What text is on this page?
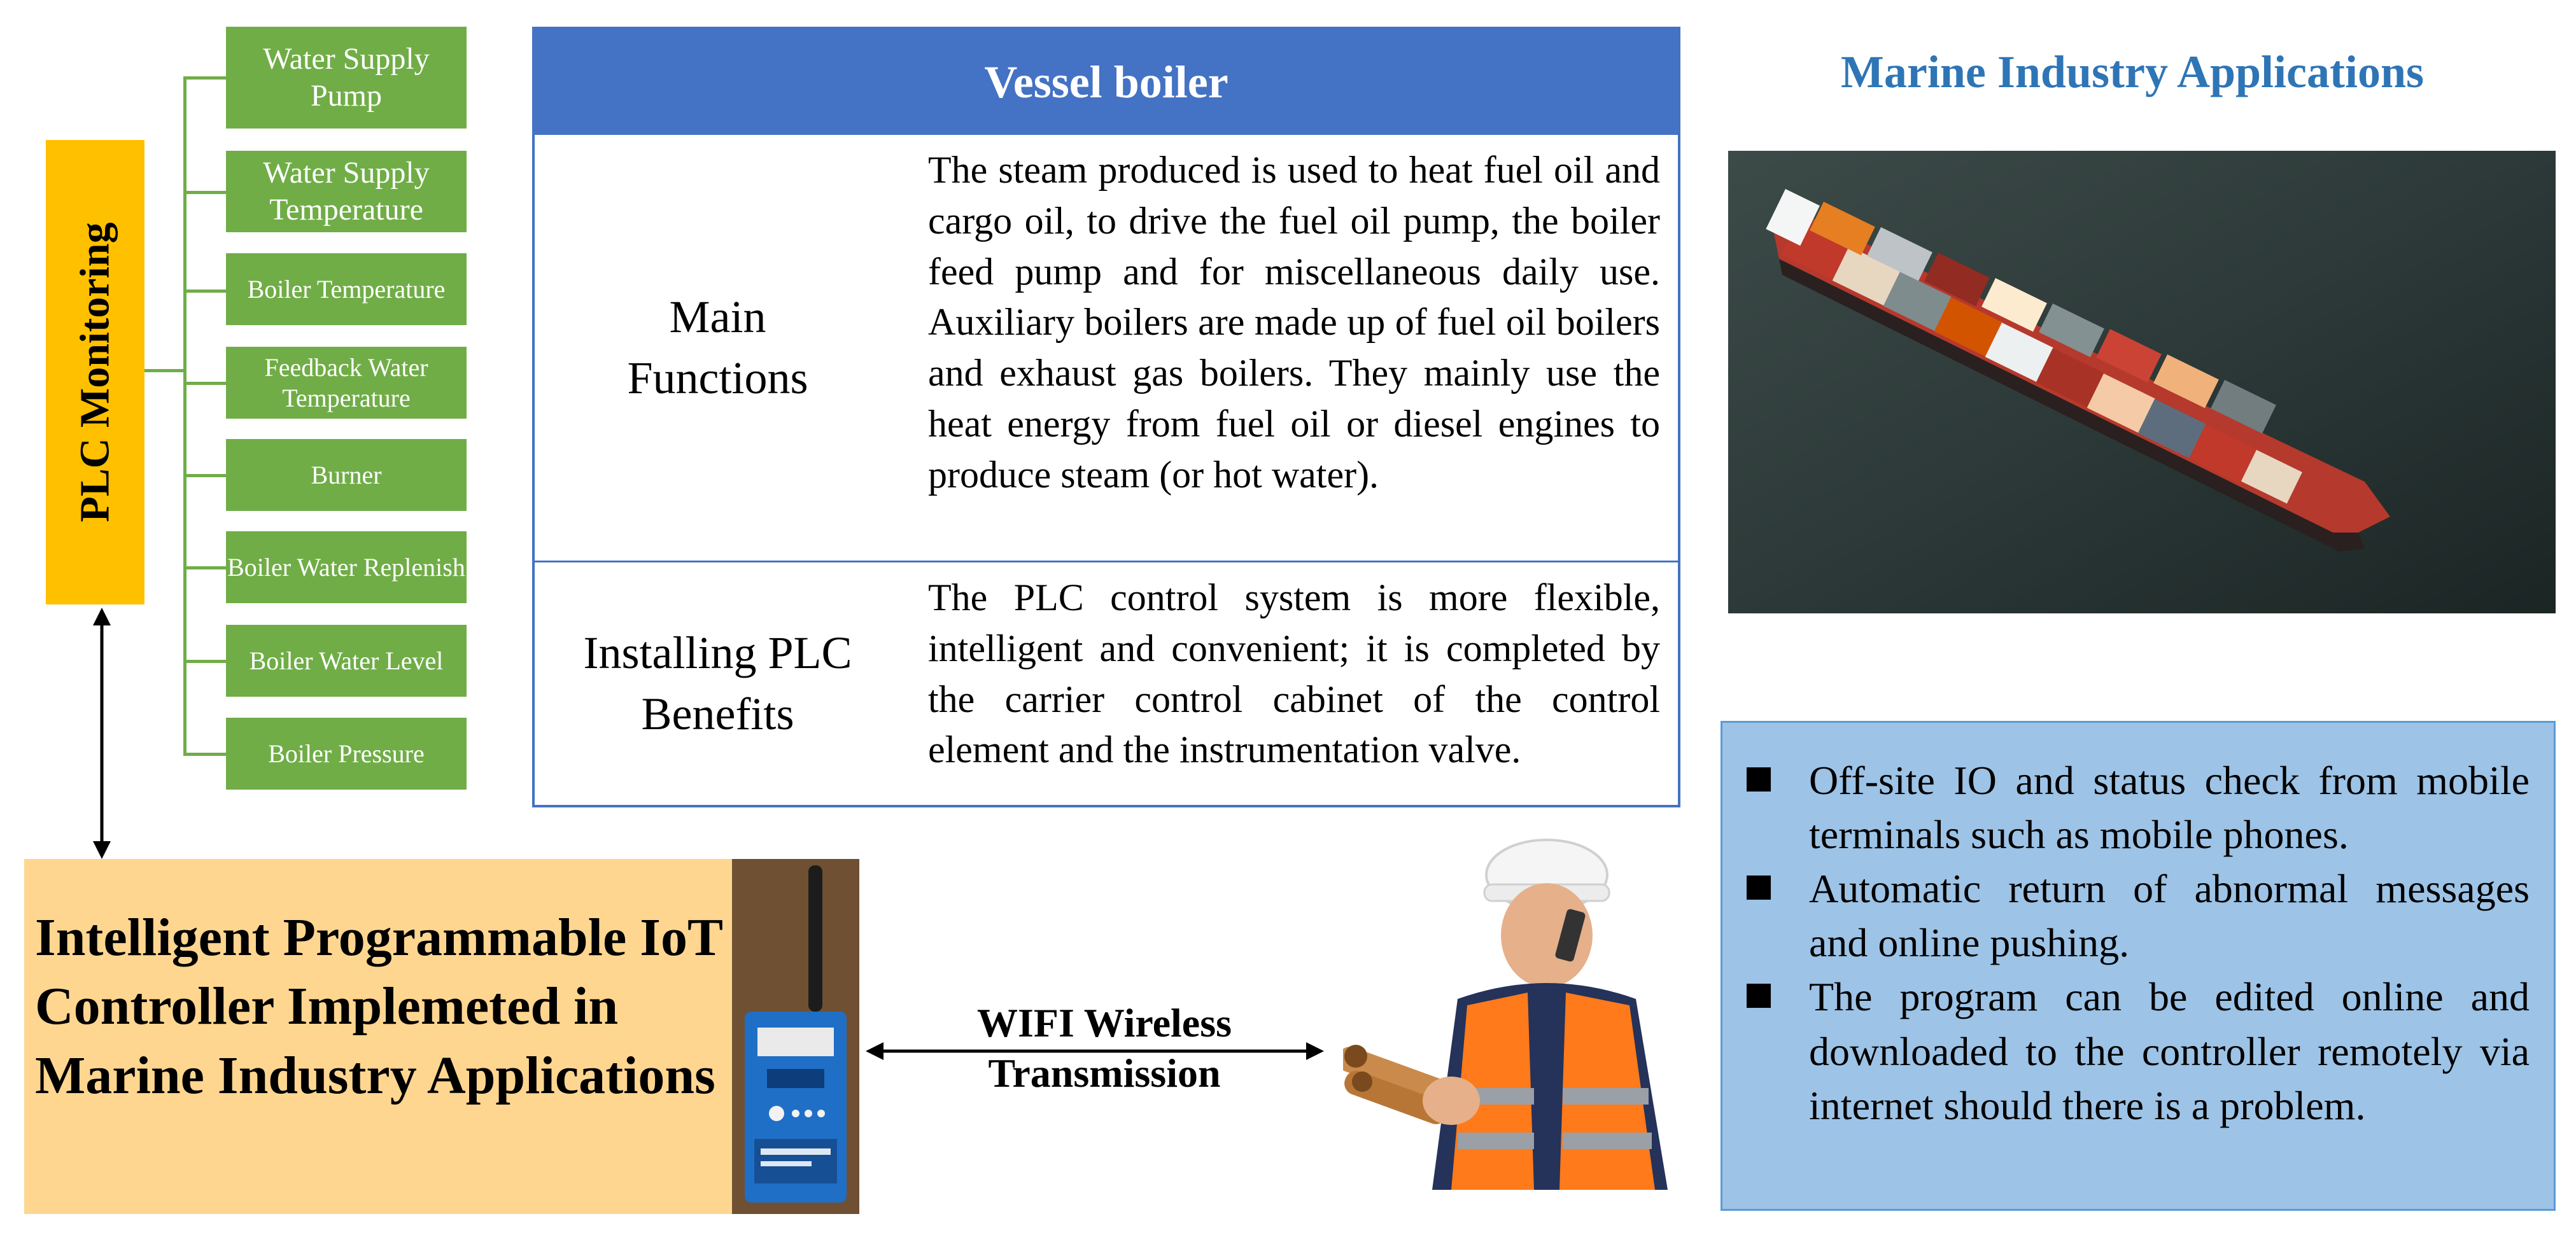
PLC Monitoring
Water Supply Pump
Water Supply Temperature
Boiler Temperature
Feedback Water Temperature
Burner
Boiler Water Replenish
Boiler Water Level
Boiler Pressure
Vessel boiler
Main Functions
The steam produced is used to heat fuel oil and cargo oil, to drive the fuel oil pump, the boiler feed pump and for miscellaneous daily use. Auxiliary boilers are made up of fuel oil boilers and exhaust gas boilers. They mainly use the heat energy from fuel oil or diesel engines to produce steam (or hot water).
Installing PLC Benefits
The PLC control system is more flexible, intelligent and convenient; it is completed by the carrier control cabinet of the control element and the instrumentation valve.
Marine Industry Applications
Off-site IO and status check from mobile terminals such as mobile phones.
Automatic return of abnormal messages and online pushing.
The program can be edited online and downloaded to the controller remotely via internet should there is a problem.
Intelligent Programmable IoT Controller Implemeted in Marine Industry Applications
WIFI Wireless
Transmission
